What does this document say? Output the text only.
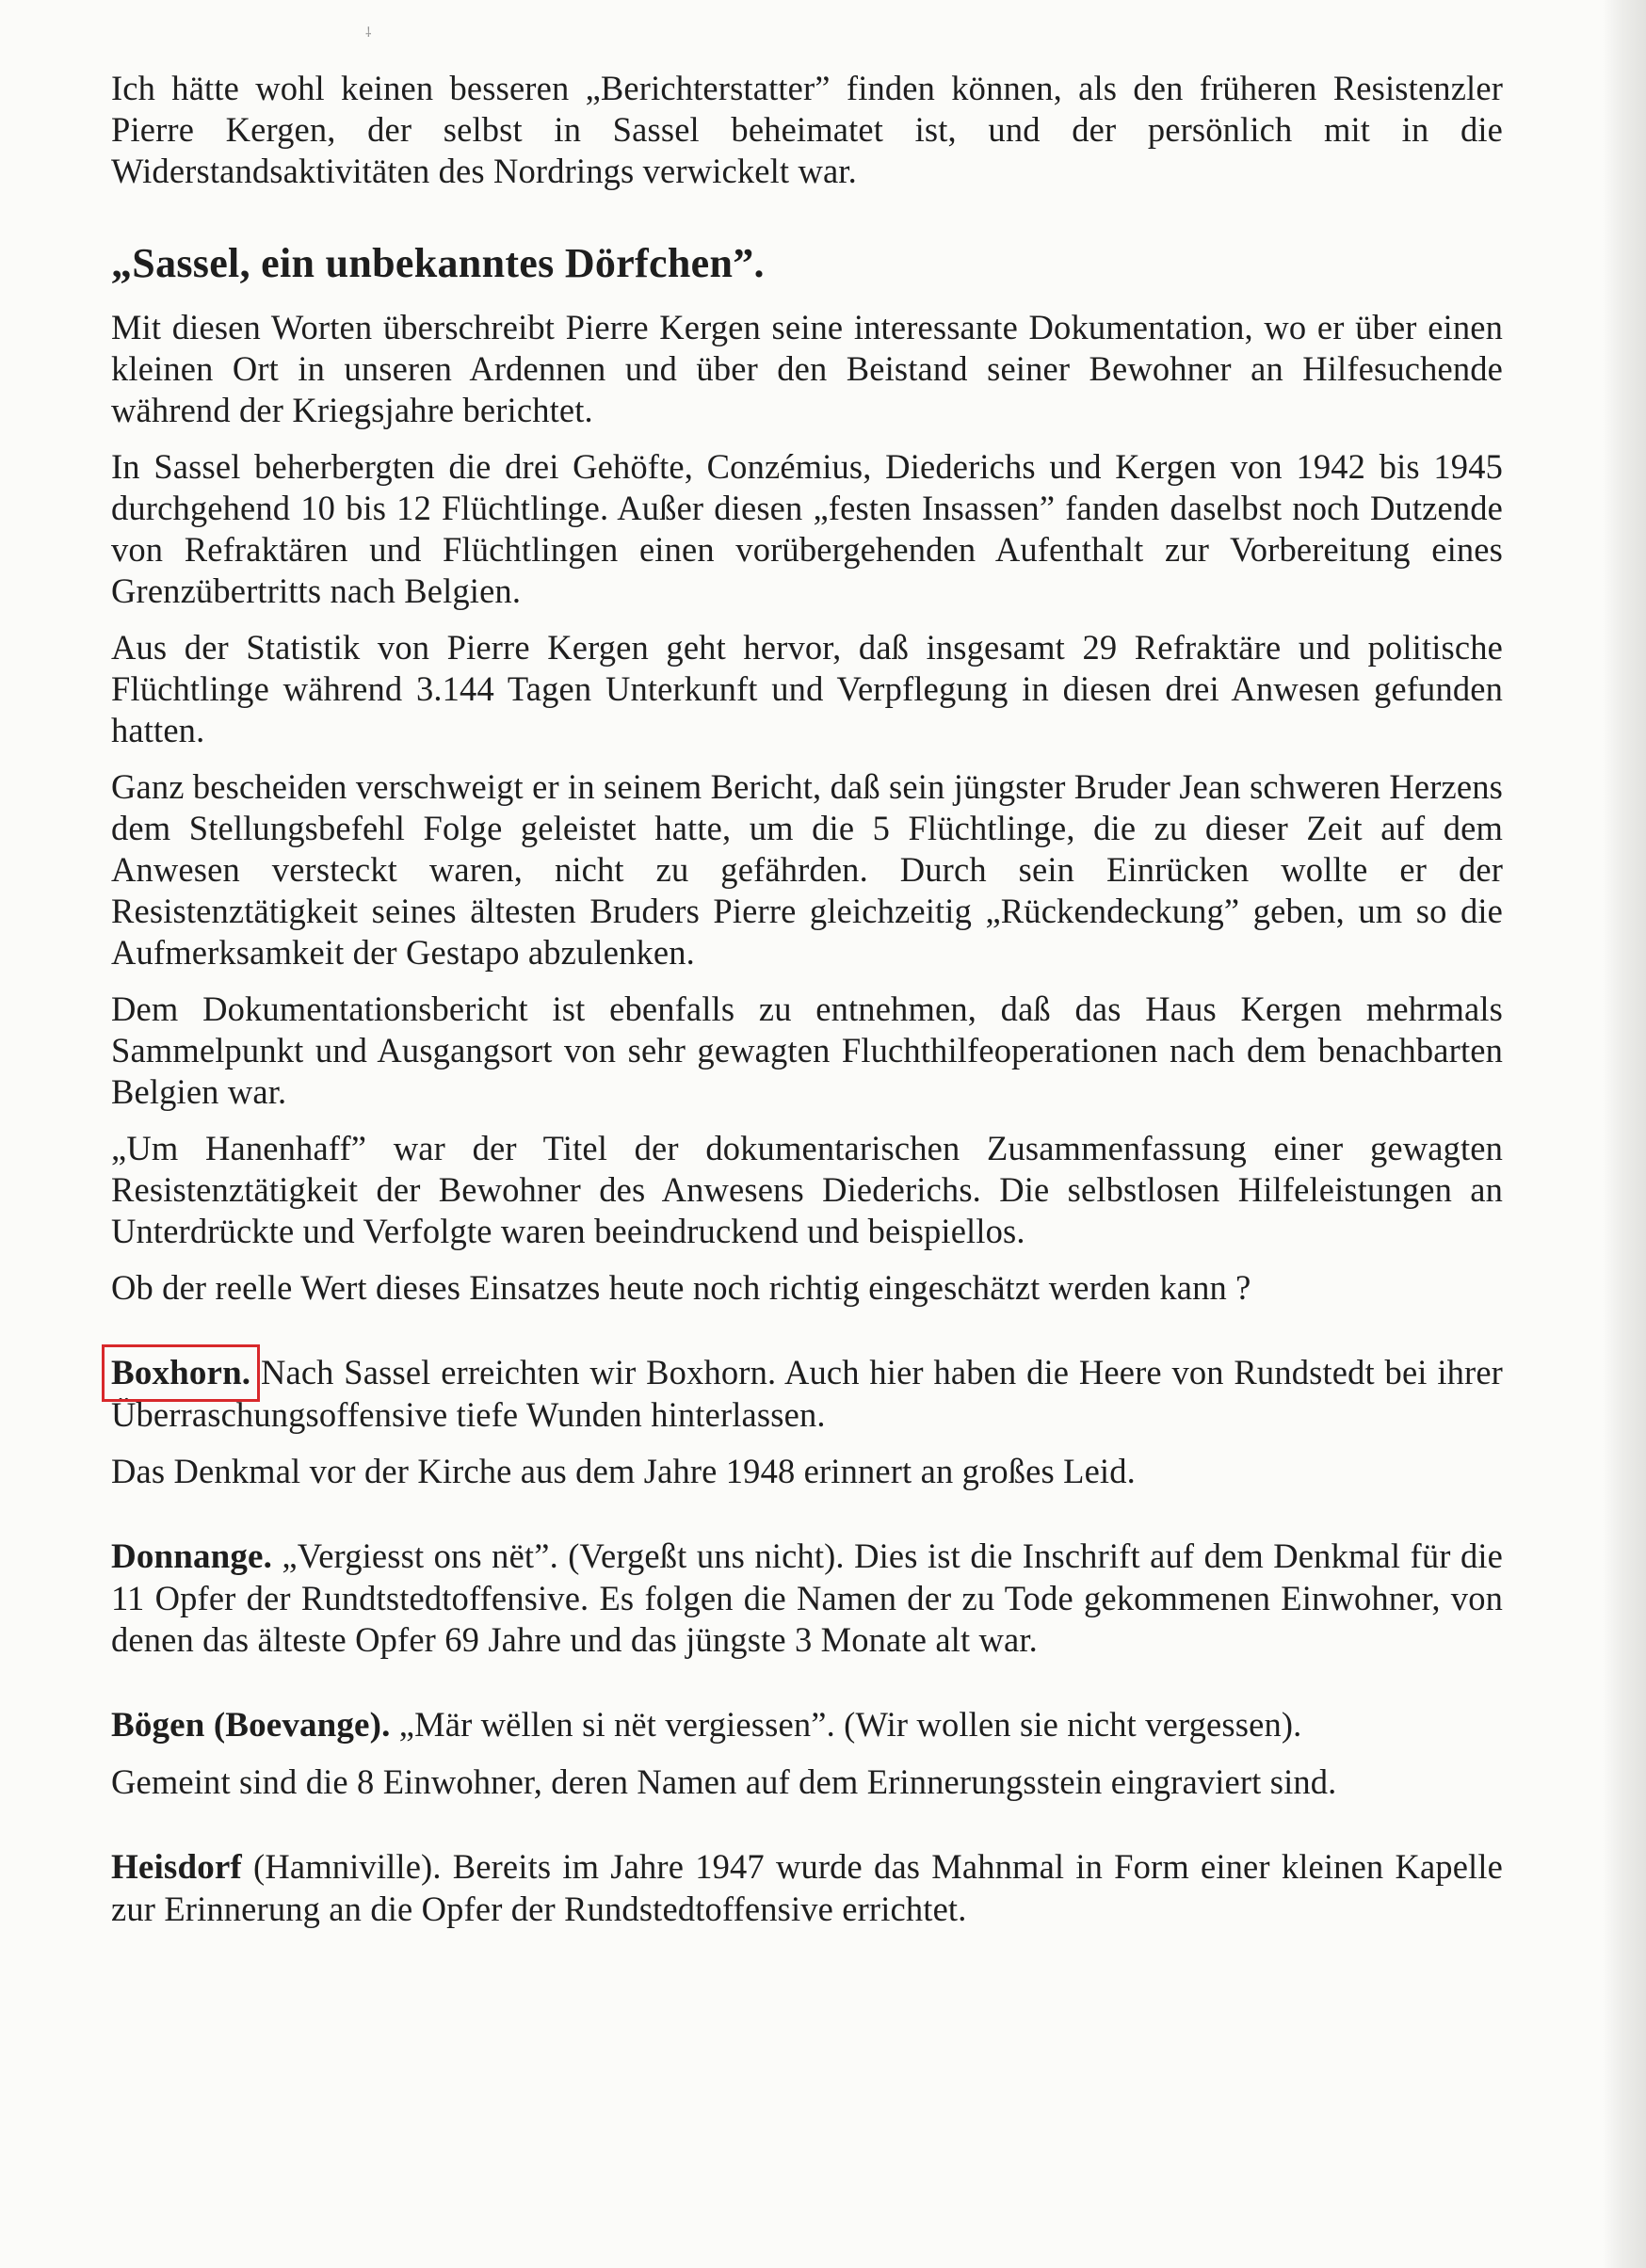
⸸

Ich hätte wohl keinen besseren „Berichterstatter” finden können, als den früheren Resistenzler Pierre Kergen, der selbst in Sassel beheimatet ist, und der persönlich mit in die Widerstandsaktivitäten des Nordrings verwickelt war.

„Sassel, ein unbekanntes Dörfchen”.

Mit diesen Worten überschreibt Pierre Kergen seine interessante Dokumentation, wo er über einen kleinen Ort in unseren Ardennen und über den Beistand seiner Bewohner an Hilfesuchende während der Kriegsjahre berichtet.

In Sassel beherbergten die drei Gehöfte, Conzémius, Diederichs und Kergen von 1942 bis 1945 durchgehend 10 bis 12 Flüchtlinge. Außer diesen „festen Insassen” fanden daselbst noch Dutzende von Refraktären und Flüchtlingen einen vorübergehenden Aufenthalt zur Vorbereitung eines Grenzübertritts nach Belgien.

Aus der Statistik von Pierre Kergen geht hervor, daß insgesamt 29 Refraktäre und politische Flüchtlinge während 3.144 Tagen Unterkunft und Verpflegung in diesen drei Anwesen gefunden hatten.

Ganz bescheiden verschweigt er in seinem Bericht, daß sein jüngster Bruder Jean schweren Herzens dem Stellungsbefehl Folge geleistet hatte, um die 5 Flüchtlinge, die zu dieser Zeit auf dem Anwesen versteckt waren, nicht zu gefährden. Durch sein Einrücken wollte er der Resistenztätigkeit seines ältesten Bruders Pierre gleichzeitig „Rückendeckung” geben, um so die Aufmerksamkeit der Gestapo abzulenken.

Dem Dokumentationsbericht ist ebenfalls zu entnehmen, daß das Haus Kergen mehrmals Sammelpunkt und Ausgangsort von sehr gewagten Fluchthilfeoperationen nach dem benachbarten Belgien war.

„Um Hanenhaff” war der Titel der dokumentarischen Zusammenfassung einer gewagten Resistenztätigkeit der Bewohner des Anwesens Diederichs. Die selbstlosen Hilfeleistungen an Unterdrückte und Verfolgte waren beeindruckend und beispiellos.

Ob der reelle Wert dieses Einsatzes heute noch richtig eingeschätzt werden kann ?

Boxhorn. Nach Sassel erreichten wir Boxhorn. Auch hier haben die Heere von Rundstedt bei ihrer Überraschungsoffensive tiefe Wunden hinterlassen.

Das Denkmal vor der Kirche aus dem Jahre 1948 erinnert an großes Leid.

Donnange. „Vergiesst ons nët”. (Vergeßt uns nicht). Dies ist die Inschrift auf dem Denkmal für die 11 Opfer der Rundtstedtoffensive. Es folgen die Namen der zu Tode gekommenen Einwohner, von denen das älteste Opfer 69 Jahre und das jüngste 3 Monate alt war.

Bögen (Boevange). „Mär wëllen si nët vergiessen”. (Wir wollen sie nicht vergessen).

Gemeint sind die 8 Einwohner, deren Namen auf dem Erinnerungsstein eingraviert sind.

Heisdorf (Hamniville). Bereits im Jahre 1947 wurde das Mahnmal in Form einer kleinen Kapelle zur Erinnerung an die Opfer der Rundstedtoffensive errichtet.
